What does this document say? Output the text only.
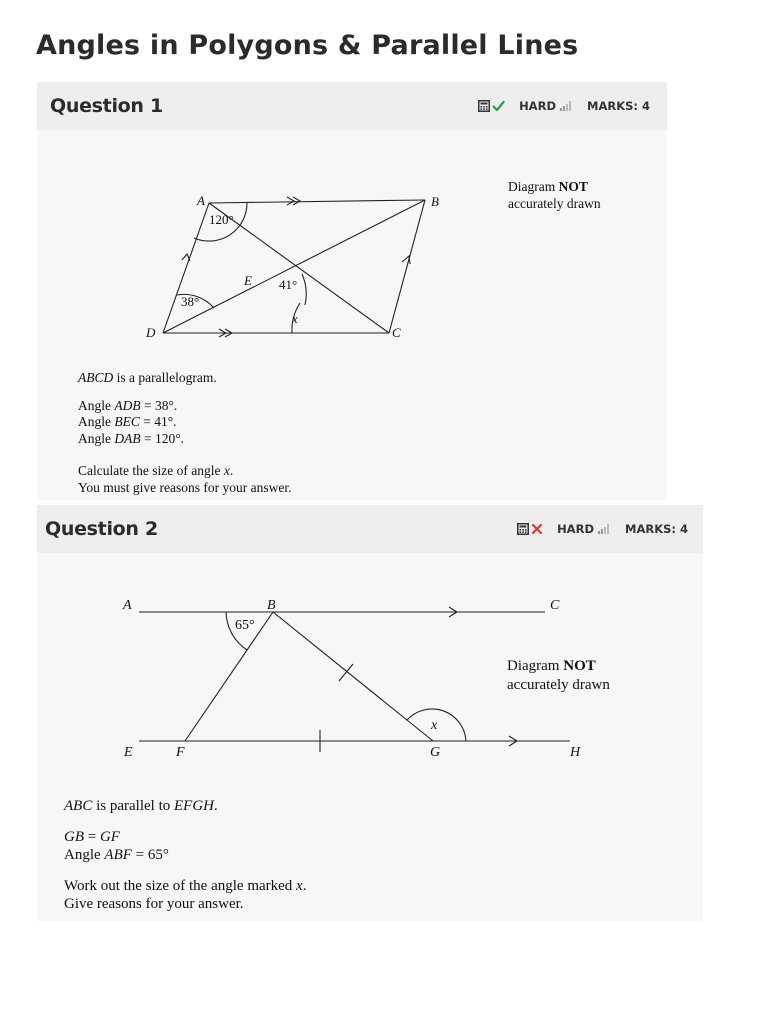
Angles in Polygons & Parallel Lines
Question 1	HARD	MARKS: 4
A	B
C
D
E
120°
38°
41°
x

Diagram NOT

accurately drawn

ABCD is a parallelogram.

Angle ADB = 38°.

Angle BEC = 41°.

Angle DAB = 120°.

Calculate the size of angle x.

You must give reasons for your answer.

Question 2	HARD	MARKS: 4
A	B	C
E	F	G	H
65°
x

Diagram NOT

accurately drawn

ABC is parallel to EFGH.

GB = GF

Angle ABF = 65°

Work out the size of the angle marked x.

Give reasons for your answer.
